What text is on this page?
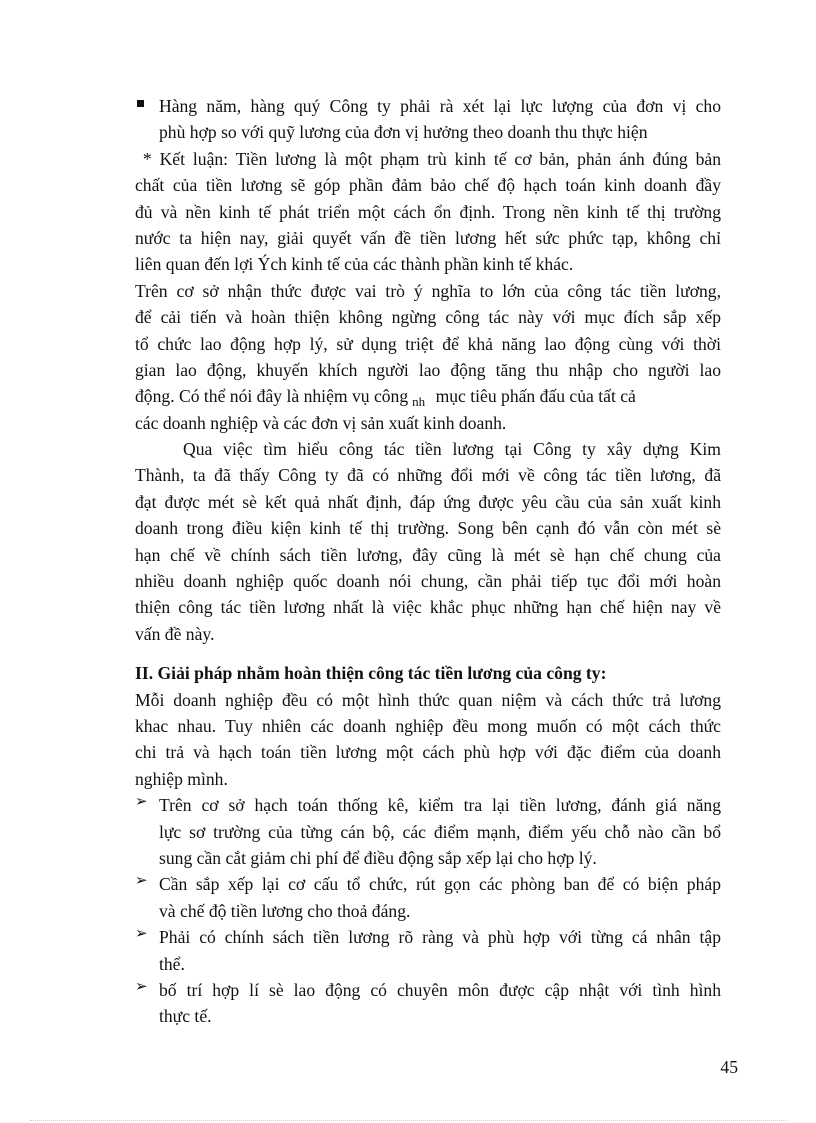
Hàng năm, hàng quý Công ty phải rà xét lại lực lượng của đơn vị cho
phù hợp so với quỹ lương của đơn vị hưởng theo doanh thu thực hiện
* Kết luận: Tiền lương là một phạm trù kinh tế cơ bản, phản ánh đúng bản
chất của tiền lương sẽ góp phần đảm bảo chế độ hạch toán kinh doanh đầy
đủ và nền kinh tế phát triển một cách ổn định. Trong nền kinh tế thị trường
nước ta hiện nay, giải quyết vấn đề tiền lương hết sức phức tạp, không chỉ
liên quan đến lợi Ých kinh tế của các thành phần kinh tế khác.
Trên cơ sở nhận thức được vai trò ý nghĩa to lớn của công tác tiền lương,
để cải tiến và hoàn thiện không ngừng công tác này với mục đích sắp xếp
tổ chức lao động hợp lý, sử dụng triệt để khả năng lao động cùng với thời
gian lao động, khuyến khích người lao động tăng thu nhập cho người lao
động. Có thể nói đây là nhiệm vụ công $_{nh}$ mục tiêu phấn đấu của tất cả
các doanh nghiệp và các đơn vị sản xuất kinh doanh.
Qua việc tìm hiểu công tác tiền lương tại Công ty xây dựng Kim
Thành, ta đã thấy Công ty đã có những đổi mới về công tác tiền lương, đã
đạt được mét sè kết quả nhất định, đáp ứng được yêu cầu của sản xuất kinh
doanh trong điều kiện kinh tế thị trường. Song bên cạnh đó vẫn còn mét sè
hạn chế về chính sách tiền lương, đây cũng là mét sè hạn chế chung của
nhiều doanh nghiệp quốc doanh nói chung, cần phải tiếp tục đổi mới hoàn
thiện công tác tiền lương nhất là việc khắc phục những hạn chế hiện nay về
vấn đề này.
II. Giải pháp nhằm hoàn thiện công tác tiền lương của công ty:
Mỗi doanh nghiệp đều có một hình thức quan niệm và cách thức trả lương
khac nhau. Tuy nhiên các doanh nghiệp đều mong muốn có một cách thức
chi trả và hạch toán tiền lương một cách phù hợp với đặc điểm của doanh
nghiệp mình.
➢ Trên cơ sở hạch toán thống kê, kiểm tra lại tiền lương, đánh giá năng
lực sơ trường của từng cán bộ, các điểm mạnh, điểm yếu chỗ nào cần bổ
sung cần cắt giảm chi phí để điều động sắp xếp lại cho hợp lý.
➢ Cần sắp xếp lại cơ cấu tổ chức, rút gọn các phòng ban để có biện pháp
và chế độ tiền lương cho thoả đáng.
➢ Phải có chính sách tiền lương rõ ràng và phù hợp với từng cá nhân tập
thể.
➢ bố trí hợp lí sè lao động có chuyên môn được cập nhật với tình hình
thực tế.
45
